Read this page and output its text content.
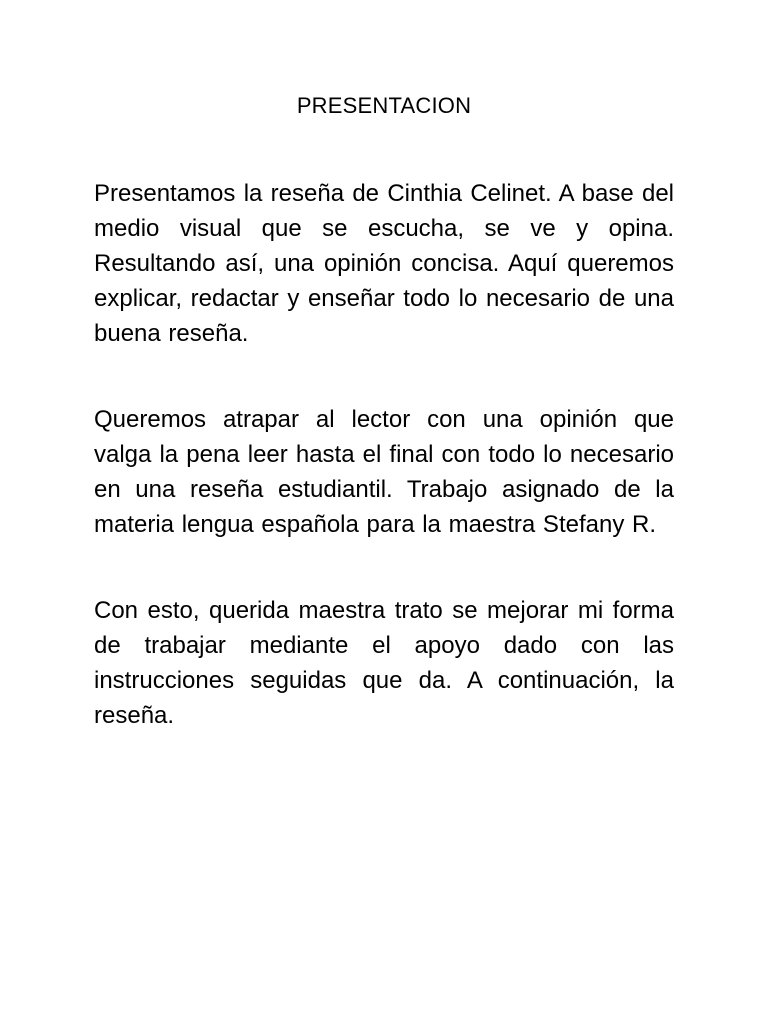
PRESENTACION

Presentamos la reseña de Cinthia Celinet. A base del medio visual que se escucha, se ve y opina. Resultando así, una opinión concisa. Aquí queremos explicar, redactar y enseñar todo lo necesario de una buena reseña.

Queremos atrapar al lector con una opinión que valga la pena leer hasta el final con todo lo necesario en una reseña estudiantil. Trabajo asignado de la materia lengua española para la maestra Stefany R.

Con esto, querida maestra trato se mejorar mi forma de trabajar mediante el apoyo dado con las instrucciones seguidas que da. A continuación, la reseña.
